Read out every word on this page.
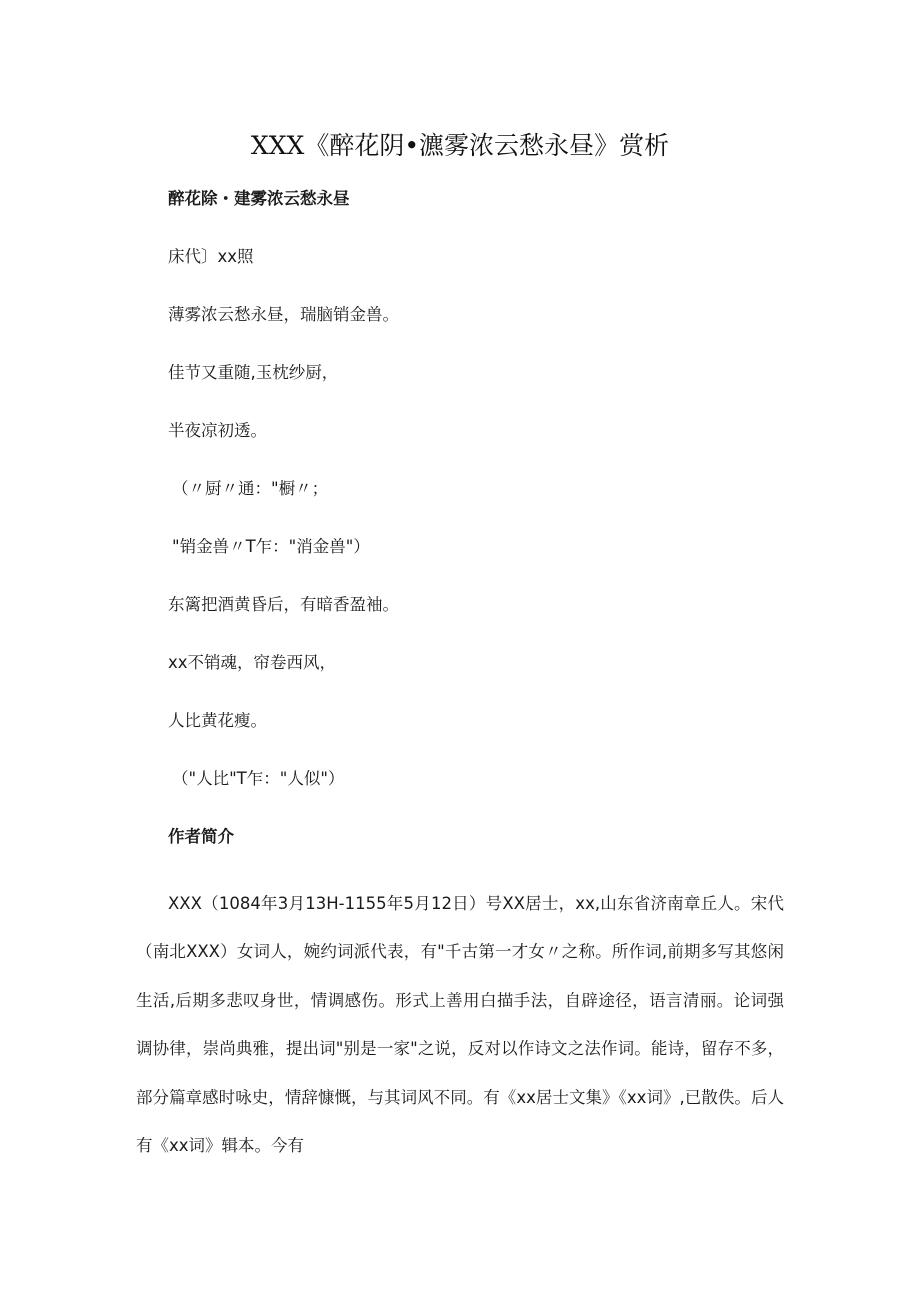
XXX《醉花阴•瀌雾浓云愁永昼》赏析

醉花除・建雾浓云愁永昼

床代〕xx照

薄雾浓云愁永昼，瑞脑销金兽。

佳节又重随,玉枕纱厨，

半夜凉初透。

（〃厨〃通："橱〃；

"销金兽〃T乍："消金兽"）

东篱把酒黄昏后，有暗香盈袖。

xx不销魂，帘卷西风，

人比黄花瘦。

（"人比"T乍："人似"）

作者简介

XXX（1084年3月13H-1155年5月12日）号XX居士，xx,山东省济南章丘人。宋代（南北XXX）女词人，婉约词派代表，有"千古第一才女〃之称。所作词,前期多写其悠闲生活,后期多悲叹身世，情调感伤。形式上善用白描手法，自辟途径，语言清丽。论词强调协律，崇尚典雅，提出词"别是一家"之说，反对以作诗文之法作词。能诗，留存不多，部分篇章感时咏史，情辞慷慨，与其词风不同。有《xx居士文集》《xx词》,已散佚。后人有《xx词》辑本。今有
